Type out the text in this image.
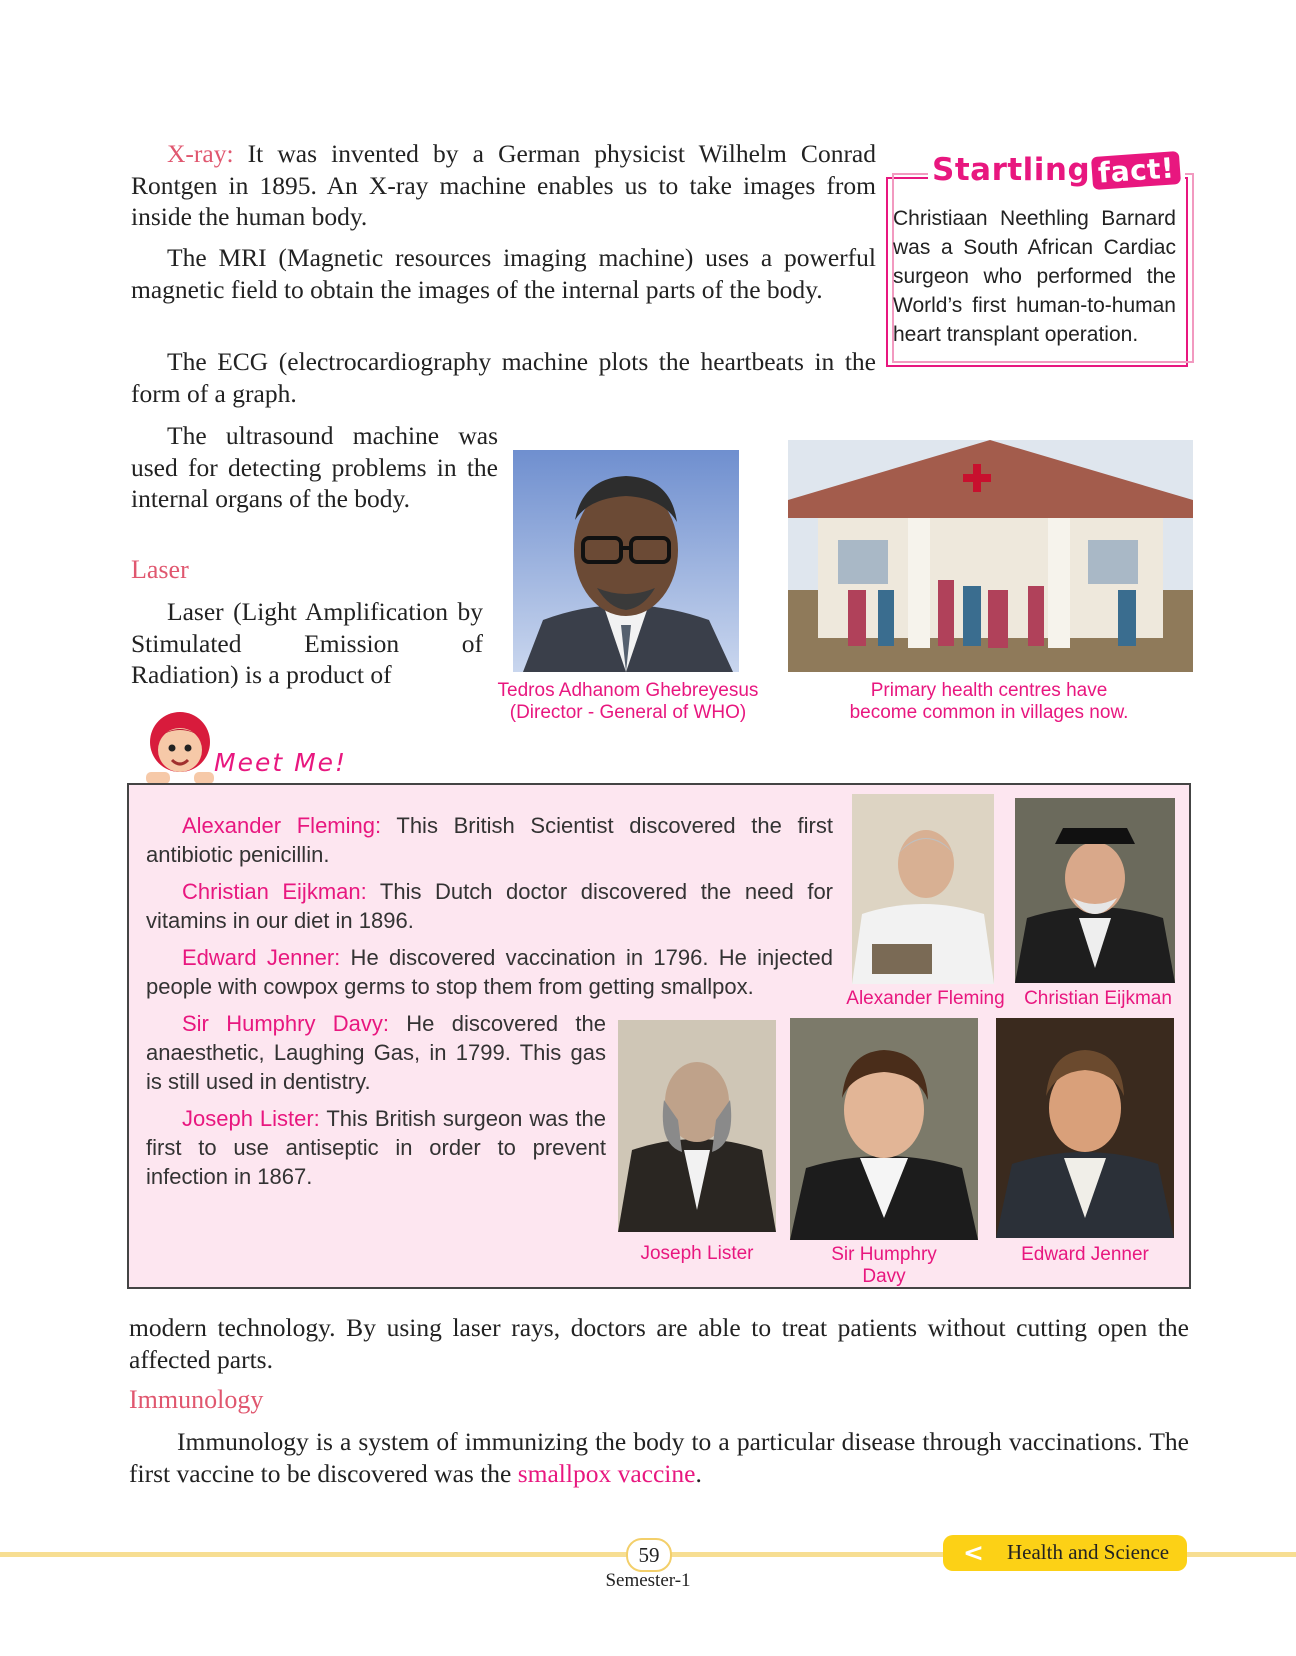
X-ray: It was invented by a German physicist Wilhelm Conrad Rontgen in 1895. An X-ray machine enables us to take images from inside the human body.

The MRI (Magnetic resources imaging machine) uses a powerful magnetic field to obtain the images of the internal parts of the body.

The ECG (electrocardiography machine plots the heartbeats in the form of a graph.

The ultrasound machine was used for detecting problems in the internal organs of the body.

Laser

Laser (Light Amplification by Stimulated Emission of Radiation) is a product of

Startling fact!
Christiaan Neethling Barnard was a South African Cardiac surgeon who performed the World’s first human-to-human heart transplant operation.
Tedros Adhanom Ghebreyesus
(Director - General of WHO)
Primary health centres have
become common in villages now.
Meet Me!

Alexander Fleming: This British Scientist discovered the first antibiotic penicillin.

Christian Eijkman: This Dutch doctor discovered the need for vitamins in our diet in 1896.

Edward Jenner: He discovered vaccination in 1796. He injected people with cowpox germs to stop them from getting smallpox.

Sir Humphry Davy: He discovered the anaesthetic, Laughing Gas, in 1799. This gas is still used in dentistry.

Joseph Lister: This British surgeon was the first to use antiseptic in order to prevent infection in 1867.

Alexander Fleming	Christian Eijkman
Joseph Lister	Sir Humphry
Davy
Edward Jenner

modern technology. By using laser rays, doctors are able to treat patients without cutting open the affected parts.

Immunology

Immunology is a system of immunizing the body to a particular disease through vaccinations. The first vaccine to be discovered was the smallpox vaccine.

59
Semester-1
< Health and Science
